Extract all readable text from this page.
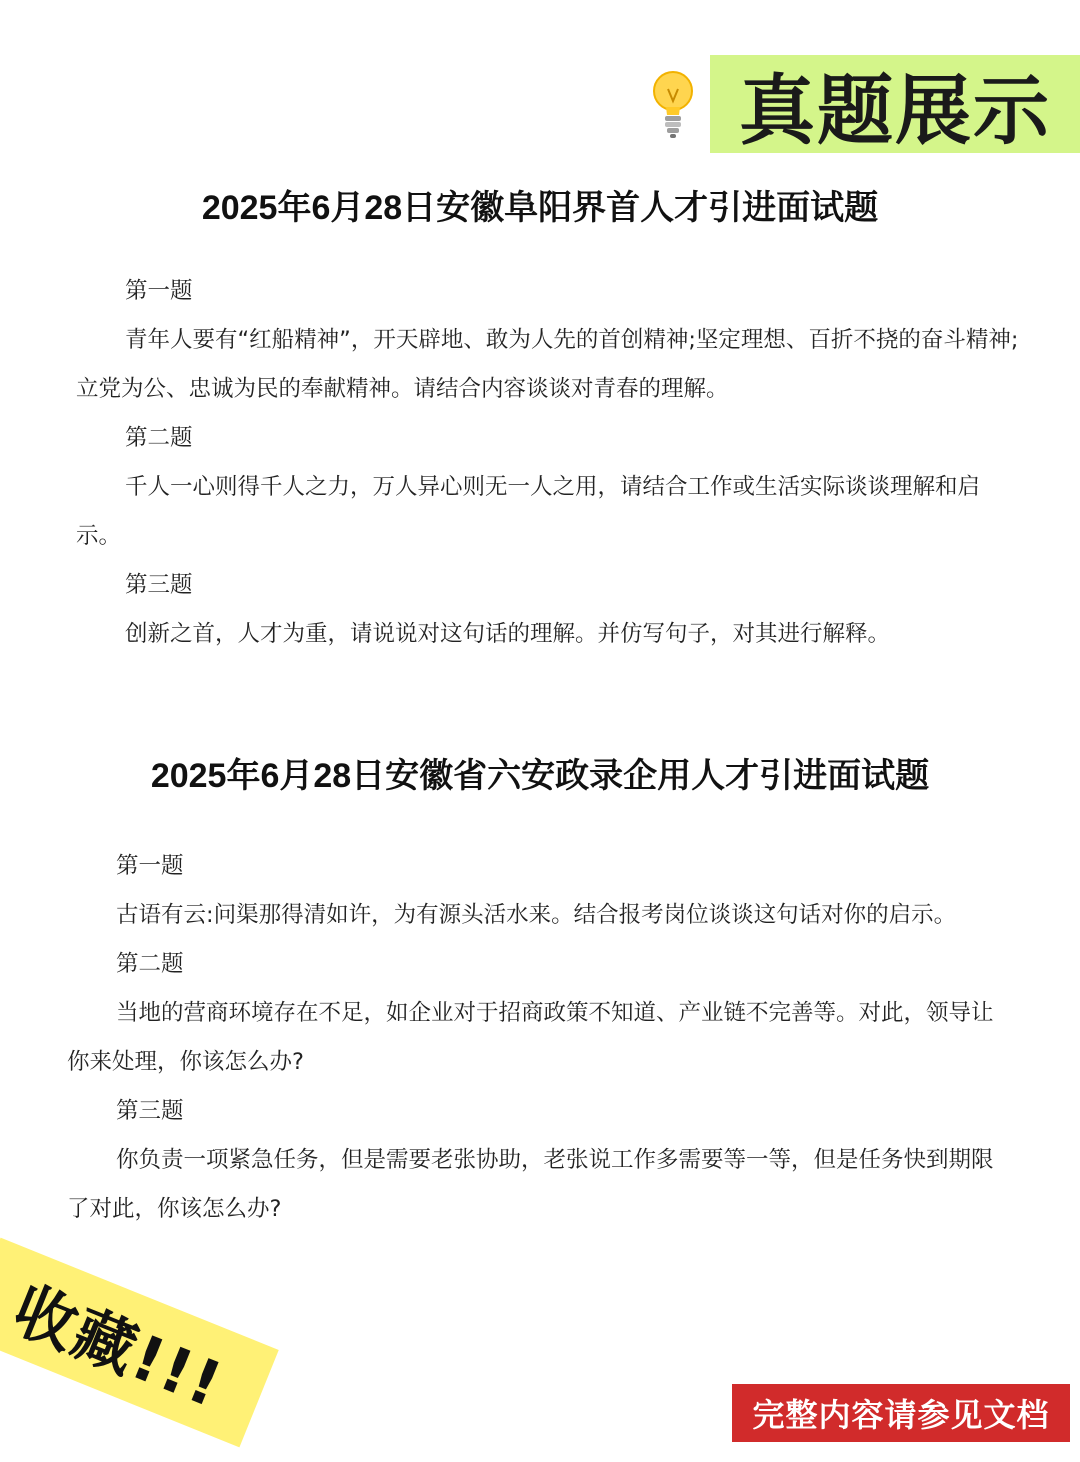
真题展示
2025年6月28日安徽阜阳界首人才引进面试题
第一题

青年人要有“红船精神”，开天辟地、敢为人先的首创精神;坚定理想、百折不挠的奋斗精神;立党为公、忠诚为民的奉献精神。请结合内容谈谈对青春的理解。

第二题

千人一心则得千人之力，万人异心则无一人之用，请结合工作或生活实际谈谈理解和启示。

第三题

创新之首，人才为重，请说说对这句话的理解。并仿写句子，对其进行解释。

2025年6月28日安徽省六安政录企用人才引进面试题
第一题

古语有云:问渠那得清如许，为有源头活水来。结合报考岗位谈谈这句话对你的启示。

第二题

当地的营商环境存在不足，如企业对于招商政策不知道、产业链不完善等。对此，领导让你来处理，你该怎么办?

第三题

你负责一项紧急任务，但是需要老张协助，老张说工作多需要等一等，但是任务快到期限了对此，你该怎么办?

收藏!!!	完整内容请参见文档
